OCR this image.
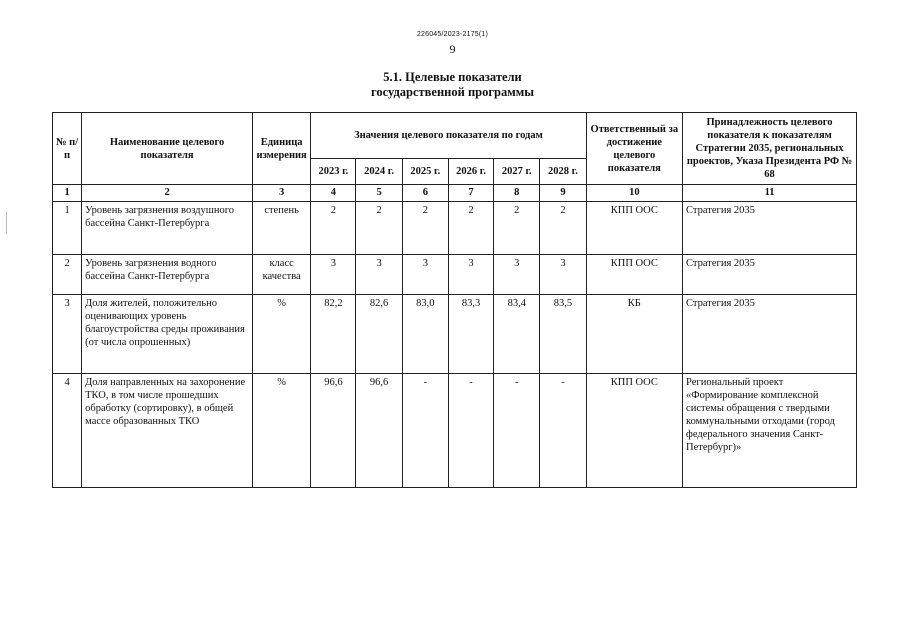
226045/2023-2175(1)
9
5.1. Целевые показатели
государственной программы
№ п/п	Наименование целевого показателя	Единица измерения	Значения целевого показателя по годам						Ответственный за достижение целевого показателя	Принадлежность целевого показателя к показателям Стратегии 2035, региональных проектов, Указа Президента РФ № 68
			2023 г.	2024 г.	2025 г.	2026 г.	2027 г.	2028 г.		
1	2	3	4	5	6	7	8	9	10	11
1	Уровень загрязнения воздушного бассейна Санкт-Петербурга	степень	2	2	2	2	2	2	КПП ООС	Стратегия 2035
2	Уровень загрязнения водного бассейна Санкт-Петербурга	класс качества	3	3	3	3	3	3	КПП ООС	Стратегия 2035
3	Доля жителей, положительно оценивающих уровень благоустройства среды проживания (от числа опрошенных)	%	82,2	82,6	83,0	83,3	83,4	83,5	КБ	Стратегия 2035
4	Доля направленных на захоронение ТКО, в том числе прошедших обработку (сортировку), в общей массе образованных ТКО	%	96,6	96,6	-	-	-	-	КПП ООС	Региональный проект «Формирование комплексной системы обращения с твердыми коммунальными отходами (город федерального значения Санкт-Петербург)»
